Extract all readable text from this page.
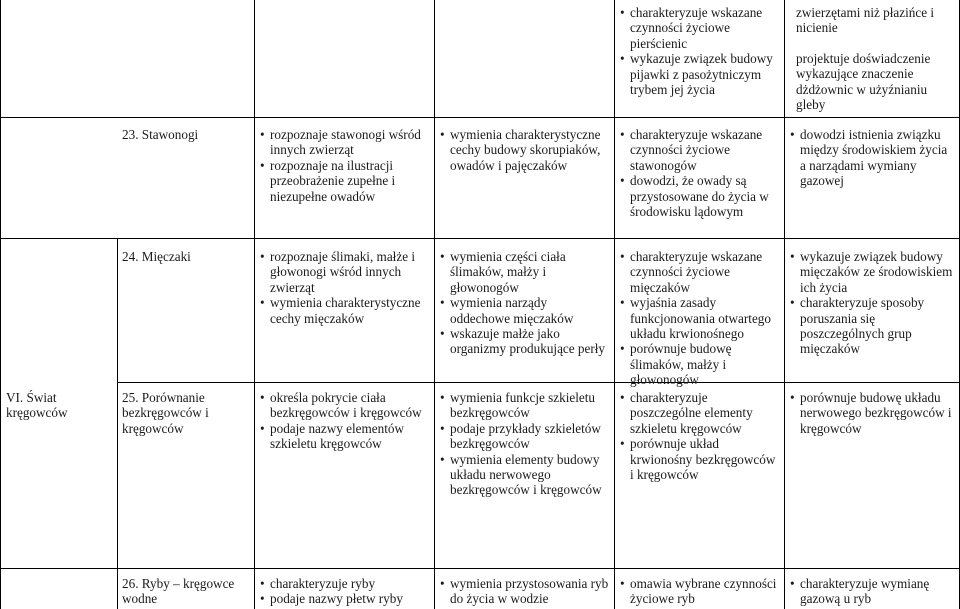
• charakteryzuje wskazane czynności życiowe pierścienic
• wykazuje związek budowy pijawki z pasożytniczym trybem jej życia
zwierzętami niż płazińce i nicienie
projektuje doświadczenie wykazujące znaczenie dżdżownic w użyźnianiu gleby
23. Stawonogi	• rozpoznaje stawonogi wśród innych zwierząt
• rozpoznaje na ilustracji przeobrażenie zupełne i niezupełne owadów
• wymienia charakterystyczne cechy budowy skorupiaków, owadów i pajęczaków
• charakteryzuje wskazane czynności życiowe stawonogów
• dowodzi, że owady są przystosowane do życia w środowisku lądowym
• dowodzi istnienia związku między środowiskiem życia a narządami wymiany gazowej
VI. Świat kręgowców
24. Mięczaki	• rozpoznaje ślimaki, małże i głowonogi wśród innych zwierząt
• wymienia charakterystyczne cechy mięczaków
• wymienia części ciała ślimaków, małży i głowonogów
• wymienia narządy oddechowe mięczaków
• wskazuje małże jako organizmy produkujące perły
• charakteryzuje wskazane czynności życiowe mięczaków
• wyjaśnia zasady funkcjonowania otwartego układu krwionośnego
• porównuje budowę ślimaków, małży i głowonogów
• wykazuje związek budowy mięczaków ze środowiskiem ich życia
• charakteryzuje sposoby poruszania się poszczególnych grup mięczaków
25. Porównanie bezkręgowców i kręgowców
• określa pokrycie ciała bezkręgowców i kręgowców
• podaje nazwy elementów szkieletu kręgowców
• wymienia funkcje szkieletu bezkręgowców
• podaje przykłady szkieletów bezkręgowców
• wymienia elementy budowy układu nerwowego bezkręgowców i kręgowców
• charakteryzuje poszczególne elementy szkieletu kręgowców
• porównuje układ krwionośny bezkręgowców i kręgowców
• porównuje budowę układu nerwowego bezkręgowców i kręgowców
26. Ryby – kręgowce wodne
• charakteryzuje ryby
• podaje nazwy płetw ryby
• wymienia przystosowania ryb do życia w wodzie
• omawia wybrane czynności życiowe ryb
• charakteryzuje wymianę gazową u ryb
